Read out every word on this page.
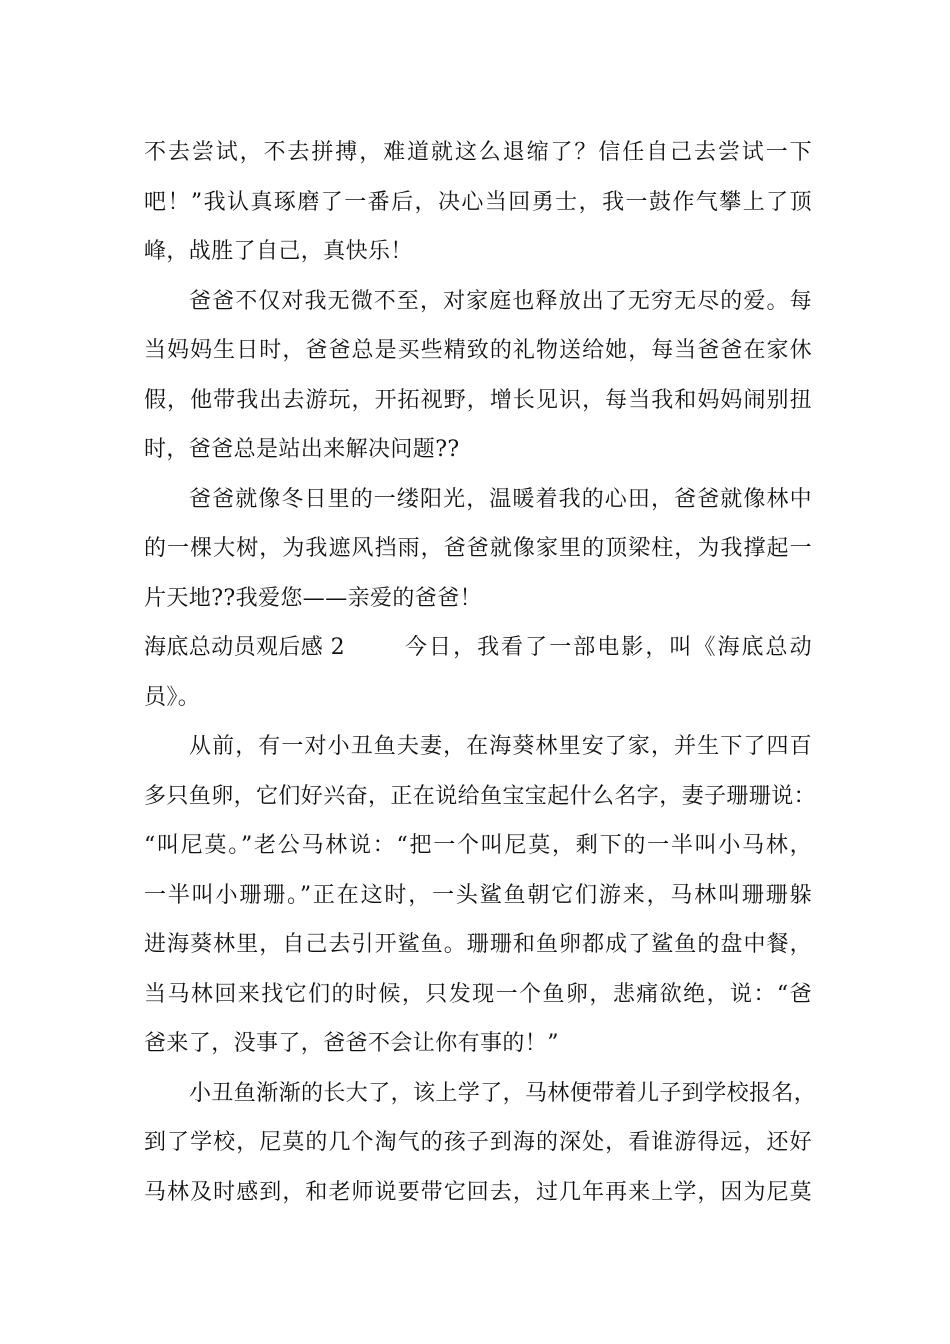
不去尝试，不去拼搏，难道就这么退缩了？信任自己去尝试一下
吧！”我认真琢磨了一番后，决心当回勇士，我一鼓作气攀上了顶
峰，战胜了自己，真快乐！
爸爸不仅对我无微不至，对家庭也释放出了无穷无尽的爱。每
当妈妈生日时，爸爸总是买些精致的礼物送给她，每当爸爸在家休
假，他带我出去游玩，开拓视野，增长见识，每当我和妈妈闹别扭
时，爸爸总是站出来解决问题??
爸爸就像冬日里的一缕阳光，温暖着我的心田，爸爸就像林中
的一棵大树，为我遮风挡雨，爸爸就像家里的顶梁柱，为我撑起一
片天地??我爱您——亲爱的爸爸！
海底总动员观后感 2	今日，我看了一部电影，叫《海底总动
员》。
从前，有一对小丑鱼夫妻，在海葵林里安了家，并生下了四百
多只鱼卵，它们好兴奋，正在说给鱼宝宝起什么名字，妻子珊珊说：
“叫尼莫。”老公马林说：“把一个叫尼莫，剩下的一半叫小马林，
一半叫小珊珊。”正在这时，一头鲨鱼朝它们游来，马林叫珊珊躲
进海葵林里，自己去引开鲨鱼。珊珊和鱼卵都成了鲨鱼的盘中餐，
当马林回来找它们的时候，只发现一个鱼卵，悲痛欲绝，说：“爸
爸来了，没事了，爸爸不会让你有事的！”
小丑鱼渐渐的长大了，该上学了，马林便带着儿子到学校报名，
到了学校，尼莫的几个淘气的孩子到海的深处，看谁游得远，还好
马林及时感到，和老师说要带它回去，过几年再来上学，因为尼莫
